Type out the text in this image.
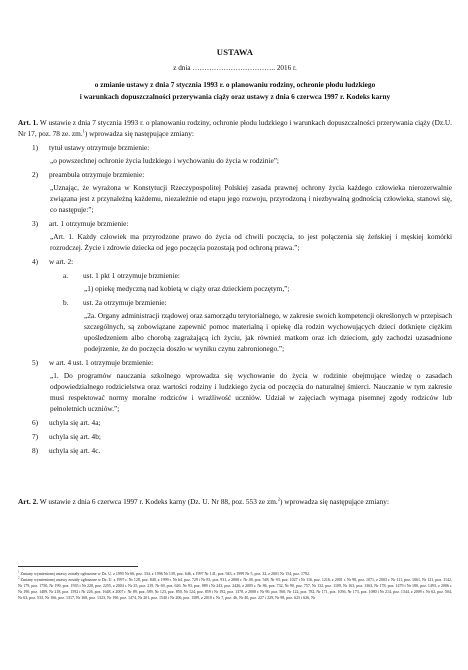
USTAWA
z dnia …………………………….. 2016 r.
o zmianie ustawy z dnia 7 stycznia 1993 r. o planowaniu rodziny, ochronie płodu ludzkiego
i warunkach dopuszczalności przerywania ciąży oraz ustawy z dnia 6 czerwca 1997 r. Kodeks karny

Art. 1. W ustawie z dnia 7 stycznia 1993 r. o planowaniu rodziny, ochronie płodu ludzkiego i warunkach dopuszczalności przerywania ciąży (Dz.U. Nr 17, poz. 78 ze. zm.$^1$) wprowadza się następujące zmiany:

1)	tytuł ustawy otrzymuje brzmienie:

„o powszechnej ochronie życia ludzkiego i wychowaniu do życia w rodzinie”;

2)	preambuła otrzymuje brzmienie:

„Uznając, że wyrażona w Konstytucji Rzeczypospolitej Polskiej zasada prawnej ochrony życia każdego człowieka nierozerwalnie związana jest z przynależną każdemu, niezależnie od etapu jego rozwoju, przyrodzoną i niezbywalną godnością człowieka, stanowi się, co następuje:”;

3)	art. 1 otrzymuje brzmienie:

„Art. 1. Każdy człowiek ma przyrodzone prawo do życia od chwili poczęcia, to jest połączenia się żeńskiej i męskiej komórki rozrodczej. Życie i zdrowie dziecka od jego poczęcia pozostają pod ochroną prawa.”;

4)	w art. 2:
a.	ust. 1 pkt 1 otrzymuje brzmienie:

„1) opiekę medyczną nad kobietą w ciąży oraz dzieckiem poczętym,”;

b.	ust. 2a otrzymuje brzmienie:

„2a. Organy administracji rządowej oraz samorządu terytorialnego, w zakresie swoich kompetencji określonych w przepisach szczególnych, są zobowiązane zapewnić pomoc materialną i opiekę dla rodzin wychowujących dzieci dotknięte ciężkim upośledzeniem albo chorobą zagrażającą ich życiu, jak również matkom oraz ich dzieciom, gdy zachodzi uzasadnione podejrzenie, że do poczęcia doszło w wyniku czynu zabronionego.”;

5)	w art. 4 ust. 1 otrzymuje brzmienie:

„1. Do programów nauczania szkolnego wprowadza się wychowanie do życia w rodzinie obejmujące wiedzę o zasadach odpowiedzialnego rodzicielstwa oraz wartości rodziny i ludzkiego życia od poczęcia do naturalnej śmierci. Nauczanie w tym zakresie musi respektować normy moralne rodziców i wrażliwość uczniów. Udział w zajęciach wymaga pisemnej zgody rodziców lub pełnoletnich uczniów.”;

6)	uchyla się art. 4a;
7)	uchyla się art. 4b;
8)	uchyla się art. 4c.

Art. 2. W ustawie z dnia 6 czerwca 1997 r. Kodeks karny (Dz. U. Nr 88, poz. 553 ze zm.$^2$) wprowadza się następujące zmiany:

$^1$ Zmiany wymienionej ustawy zostały ogłoszone w Dz. U. z 1995 Nr 66, poz. 334, z 1996 Nr 139, poz. 646, z 1997 Nr 141, poz. 943, z 1999 Nr 5, poz. 32, z 2001 Nr 154, poz. 1792.

$^2$ Zmiany wymienionej ustawy zostały ogłoszone w Dz. U. z 1997 r. Nr 128, poz. 840, z 1999 r. Nr 64, poz. 729 i Nr 83, poz. 931, z 2000 r. Nr 48, poz. 548, Nr 93, poz. 1027 i Nr 116, poz. 1216, z 2001 r. Nr 98, poz. 1071, z 2003 r. Nr 111, poz. 1061, Nr 121, poz. 1142, Nr 179, poz. 1750, Nr 199, poz. 1935 i Nr 228, poz. 2255, z 2004 r. Nr 25, poz. 219, Nr 69, poz. 626, Nr 93, poz. 889 i Nr 243, poz. 2426, z 2005 r. Nr 86, poz. 732, Nr 90, poz. 757, Nr 132, poz. 1109, Nr 163, poz. 1363, Nr 178, poz. 1479 i Nr 180, poz. 1493, z 2006 r. Nr 190, poz. 1409, Nr 218, poz. 1592 i Nr 226, poz. 1648, z 2007 r. Nr 89, poz. 589, Nr 123, poz. 850, Nr 124, poz. 859 i Nr 192, poz. 1378, z 2008 r. Nr 90, poz. 560, Nr 122, poz. 782, Nr 171, poz. 1056, Nr 173, poz. 1080 i Nr 214, poz. 1344, z 2009 r. Nr 62, poz. 504, Nr 63, poz. 533, Nr 166, poz. 1317, Nr 168, poz. 1323, Nr 190, poz. 1474, Nr 201, poz. 1540 i Nr 206, poz. 1589, z 2010 r. Nr 7, poz. 46, Nr 40, poz. 227 i 229, Nr 98, poz. 625 i 626, Nr
